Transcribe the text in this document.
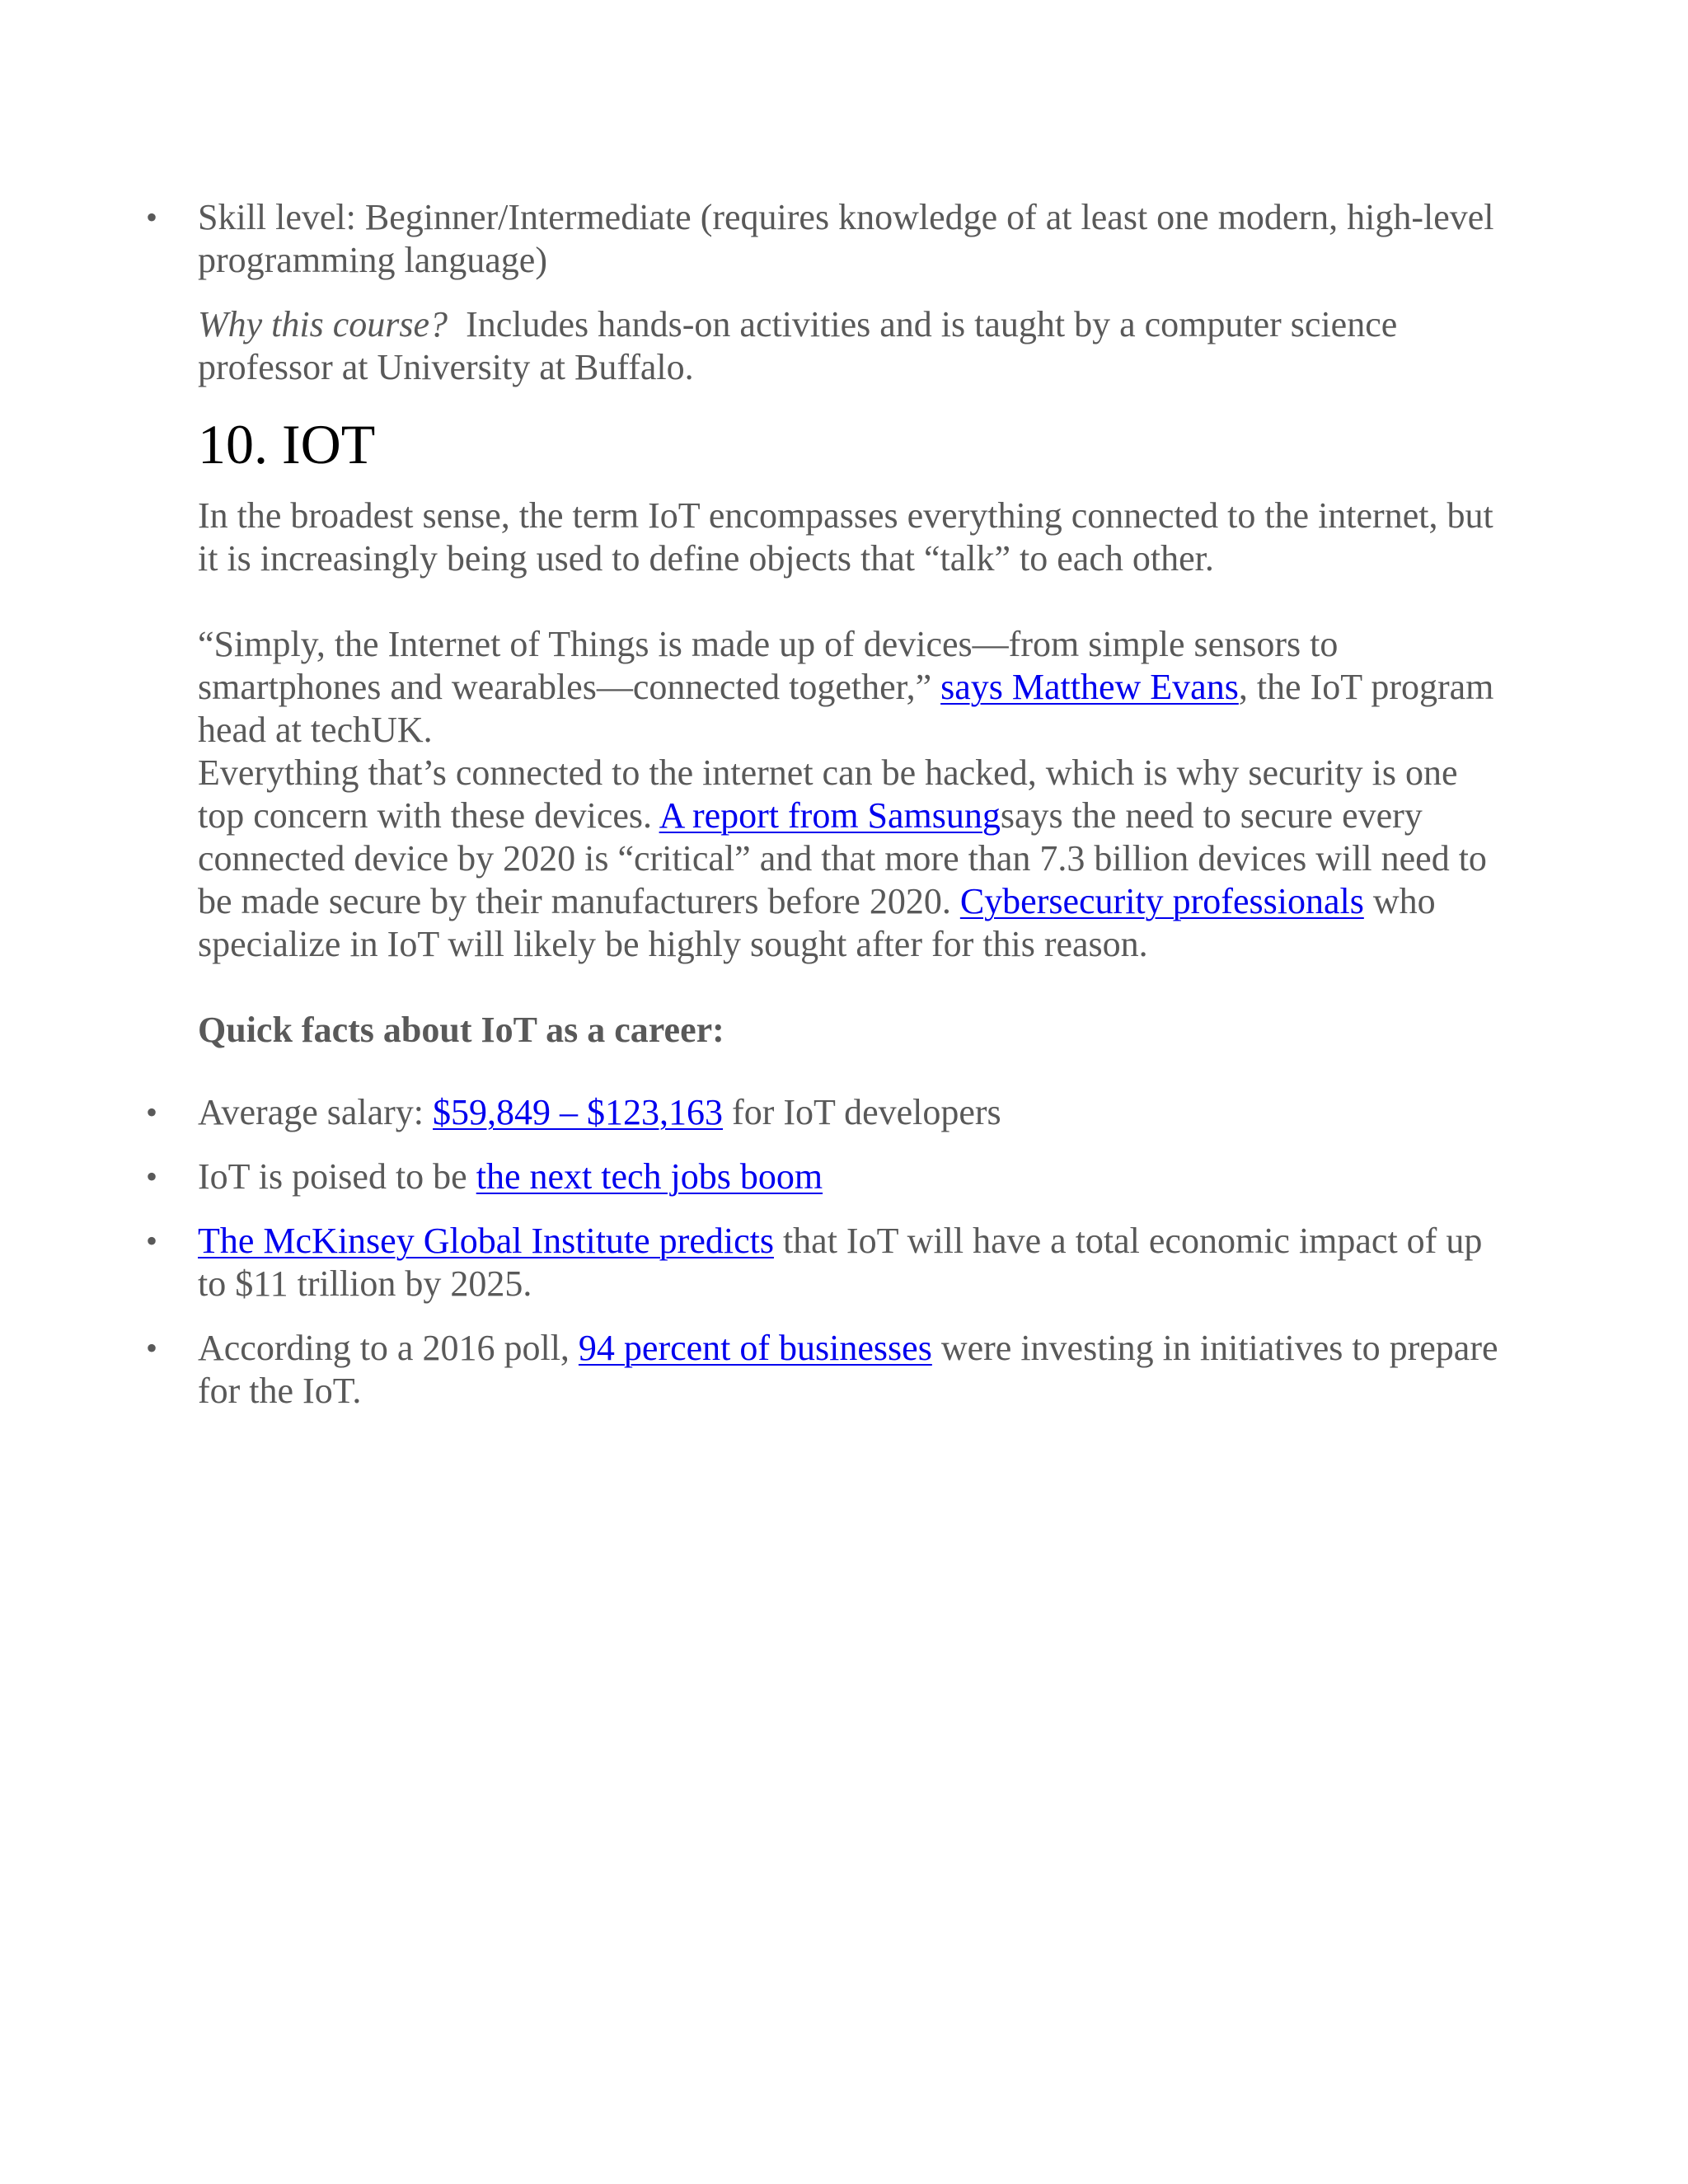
• Skill level: Beginner/Intermediate (requires knowledge of at least one modern, high-level programming language)

Why this course? Includes hands-on activities and is taught by a computer science professor at University at Buffalo.

10. IOT

In the broadest sense, the term IoT encompasses everything connected to the internet, but it is increasingly being used to define objects that “talk” to each other.

“Simply, the Internet of Things is made up of devices—from simple sensors to smartphones and wearables—connected together,” says Matthew Evans, the IoT program head at techUK.

Everything that’s connected to the internet can be hacked, which is why security is one top concern with these devices. A report from Samsungsays the need to secure every connected device by 2020 is “critical” and that more than 7.3 billion devices will need to be made secure by their manufacturers before 2020. Cybersecurity professionals who specialize in IoT will likely be highly sought after for this reason.

Quick facts about IoT as a career:

• Average salary: $59,849 – $123,163 for IoT developers
• IoT is poised to be the next tech jobs boom
• The McKinsey Global Institute predicts that IoT will have a total economic impact of up to $11 trillion by 2025.
• According to a 2016 poll, 94 percent of businesses were investing in initiatives to prepare for the IoT.
